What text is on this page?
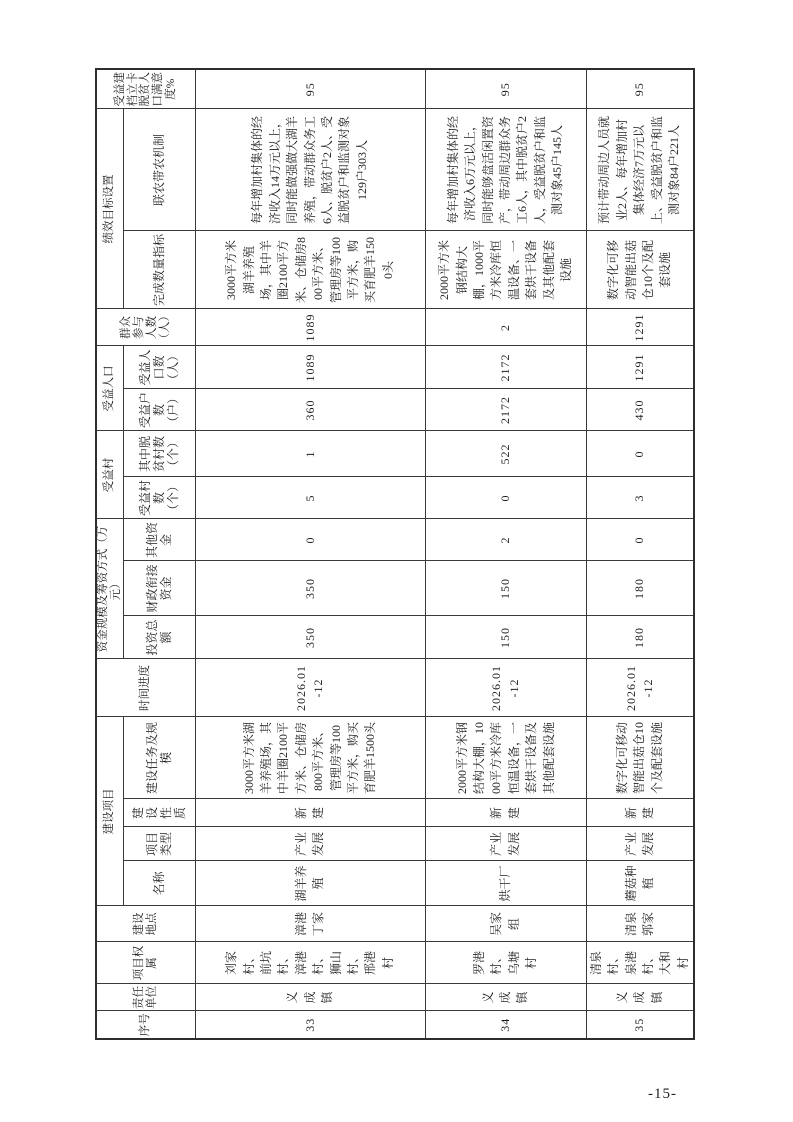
序号	责任单位	项目权属	建设地点	建设项目				时间进度	资金规模及筹资方式（万元）			受益村		受益人口		群众参与人数（人）	绩效目标设置		受益建档立卡脱贫人口满意度%
				名称	项目类型	建设性质	建设任务及规模		投资总额	财政衔接资金	其他资金	受益村数（个）	其中脱贫村数（个）	受益户数（户）	受益人口数（人）		完成数量指标	联农带农机制	
33	义成镇	刘家村、前坑村、漳港村、狮山村、邢港村	漳港丁家	湖羊养殖	产业发展	新建	3000平方米湖羊养殖场，其中羊圈2100平方米、仓储房800平方米、管理房等100平方米，购买育肥羊1500头	2026.01-12	350	350	0	5	1	360	1089	1089	3000平方米湖羊养殖场，其中羊圈2100平方米、仓储房800平方米、管理房等100平方米，购买育肥羊1500头	每年增加村集体的经济收入14万元以上，同时能做强做大湖羊养殖，带动群众务工6人、脱贫户2人、受益脱贫户和监测对象129户303人	95
34	义成镇	罗港村、乌塘村	吴家组	烘干厂	产业发展	新建	2000平方米钢结构大棚，1000平方米冷库恒温设备，一套烘干设备及其他配套设施	2026.01-12	150	150	2	0	522	2172	2172	2	2000平方米钢结构大棚，1000平方米冷库恒温设备、一套烘干设备及其他配套设施	每年增加村集体的经济收入6万元以上，同时能够盘活闲置资产，带动周边群众务工6人，其中脱贫户2人，受益脱贫户和监测对象45户145人	95
35	义成镇	清泉村、泉港村、大和村	清泉郭家	蘑菇种植	产业发展	新建	数字化可移动智能出菇仓10个及配套设施	2026.01-12	180	180	0	3	0	430	1291	1291	数字化可移动智能出菇仓10个及配套设施	预计带动周边人员就业2人、每年增加村集体经济7万元以上、受益脱贫户和监测对象84户221人	95
-15-
